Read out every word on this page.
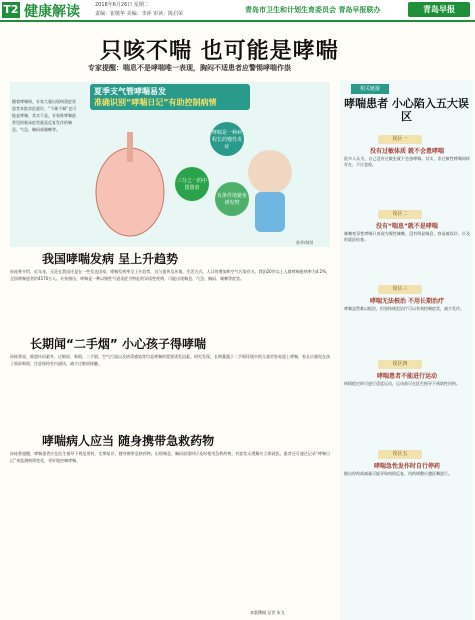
T2 健康解读	2018年6月26日 星期二
责编：崔敬华 美编：李萍 审读：陈启荣	青岛市卫生和计划生育委员会 青岛早报联办	青岛早报
只咳不喘 也可能是哮喘
专家提醒：喘息不是哮喘唯一表现，胸闷不适患者应警惕哮喘作祟
随着哮喘病，专家大量出现病重症状患者来院求医就诊，“不咳不喘”也可能是哮喘，其实不是，专家称哮喘最常见的临床症状就是反复发作的喘息、气急、胸闷或咳嗽等。
夏季支气管哮喘易发
准确识别“哮喘日记”有助控制病情
哮喘是一种病程长的慢性炎症
三分之一的中国患者
有条件地避免诱发物
新华/制图
我国哮喘发病 呈上升趋势
孙桂香介绍，近年来，无论在我国还是在一些发达国家，哮喘发病率呈上升趋势，这与遗传及环境、生活方式、人口的增加和空气污染有关。我国20岁以上人群哮喘患病率为4.2%，全国哮喘患者约4570万人。专家指出，哮喘是一种以慢性气道炎症为特征的异质性疾病，可能出现喘息、气急、胸闷、咳嗽等症状。
长期闻“二手烟” 小心孩子得哮喘
孙桂香说，除遗传因素外，过敏原、吸烟、二手烟、空气污染以及病毒感染等均是哮喘的重要诱发因素。研究发现，长期暴露于二手烟环境中的儿童更容易患上哮喘，家长应避免在孩子面前吸烟，注意保持室内通风，减少过敏原接触。
哮喘病人应当 随身携带急救药物
孙桂香提醒，哮喘患者应在医生指导下规范用药，定期复诊，随身携带急救药物。出现喘息、胸闷加重时应及时使用急救药物，若症状无缓解应立即就医。患者还可通过记录“哮喘日记”来监测病情变化，更好地控制哮喘。
本版撰稿 记者 朱飞
相关链接
哮喘患者 小心陷入五大误区
误区一
没有过敏体质 就不会患哮喘
很多人认为，自己没有过敏史就不会患哮喘。其实，非过敏性哮喘同样存在，不应忽视。
误区二
没有“喘息”就不是哮喘
咳嗽变异性哮喘只表现为慢性咳嗽，没有明显喘息，容易被误诊，应及时就医检查。
误区三
哮喘无法根治 不用长期治疗
哮喘虽然难以根治，但坚持规范治疗可以有效控制症状，减少发作。
误区四
哮喘患者不能进行运动
病情稳定时可进行适度运动，运动前可在医生指导下预防性用药。
误区五
哮喘急性发作时自行停药
擅自停药或减量可能导致病情反复，用药调整应遵医嘱进行。
